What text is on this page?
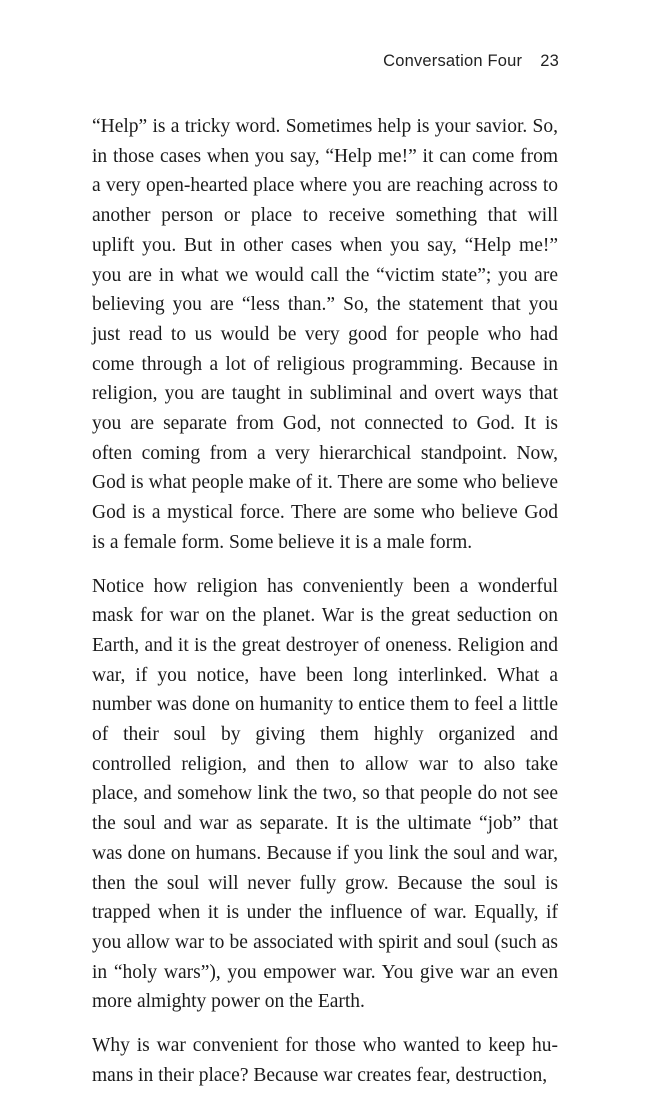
Conversation Four 23

“Help” is a tricky word. Sometimes help is your savior. So, in those cases when you say, “Help me!” it can come from a very open-hearted place where you are reaching across to another person or place to receive something that will uplift you. But in other cases when you say, “Help me!” you are in what we would call the “victim state”; you are believing you are “less than.” So, the statement that you just read to us would be very good for people who had come through a lot of religious programming. Because in religion, you are taught in subliminal and overt ways that you are separate from God, not connected to God. It is often coming from a very hierarchical standpoint. Now, God is what people make of it. There are some who believe God is a mystical force. There are some who believe God is a female form. Some believe it is a male form.

Notice how religion has conveniently been a wonderful mask for war on the planet. War is the great seduction on Earth, and it is the great destroyer of oneness. Religion and war, if you notice, have been long interlinked. What a number was done on humanity to entice them to feel a little of their soul by giving them highly organized and controlled religion, and then to allow war to also take place, and somehow link the two, so that people do not see the soul and war as separate. It is the ultimate “job” that was done on humans. Because if you link the soul and war, then the soul will never fully grow. Because the soul is trapped when it is under the influence of war. Equally, if you allow war to be associated with spirit and soul (such as in “holy wars”), you empower war. You give war an even more almighty power on the Earth.

Why is war convenient for those who wanted to keep humans in their place? Because war creates fear, destruction,
